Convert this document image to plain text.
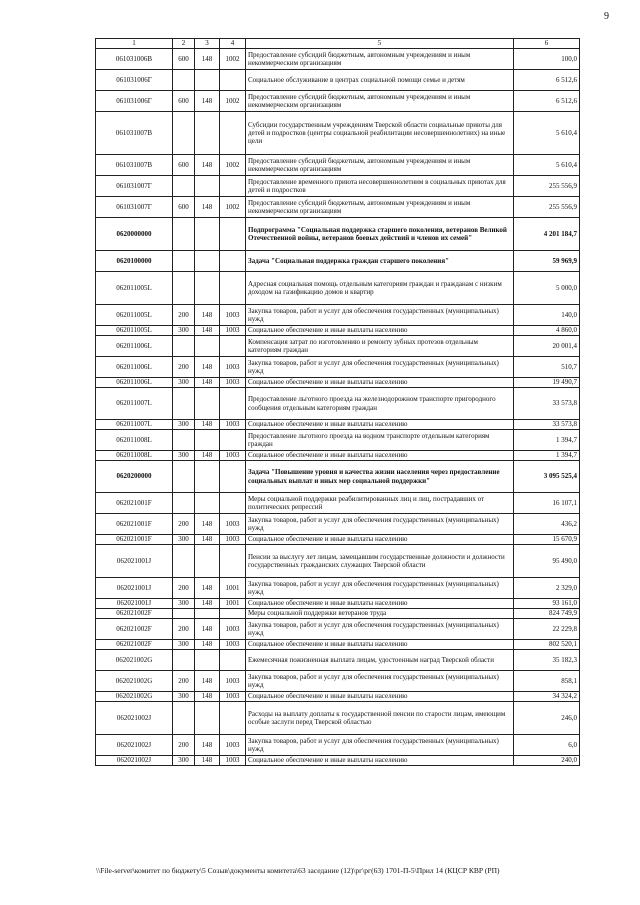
9
1	2	3	4	5	6
061031006В	600	148	1002	Предоставление субсидий бюджетным, автономным учреждениям и иным некоммерческим организациям	100,0
061031006Г				Социальное обслуживание в центрах социальной помощи семье и детям	6 512,6
061031006Г	600	148	1002	Предоставление субсидий бюджетным, автономным учреждениям и иным некоммерческим организациям	6 512,6
061031007В				Субсидии государственным учреждениям Тверской области социальные приюты для детей и подростков (центры социальной реабилитации несовершеннолетних) на иные цели	5 610,4
061031007В	600	148	1002	Предоставление субсидий бюджетным, автономным учреждениям и иным некоммерческим организациям	5 610,4
061031007Г				Предоставление временного приюта несовершеннолетним в социальных приютах для детей и подростков	255 556,9
061031007Г	600	148	1002	Предоставление субсидий бюджетным, автономным учреждениям и иным некоммерческим организациям	255 556,9
0620000000				Подпрограмма "Социальная поддержка старшего поколения, ветеранов Великой Отечественной войны, ветеранов боевых действий и членов их семей"	4 201 184,7
0620100000				Задача "Социальная поддержка граждан старшего поколения"	59 969,9
062011005L				Адресная социальная помощь отдельным категориям граждан и гражданам с низким доходом на газификацию домов и квартир	5 000,0
062011005L	200	148	1003	Закупка товаров, работ и услуг для обеспечения государственных (муниципальных) нужд	140,0
062011005L	300	148	1003	Социальное обеспечение и иные выплаты населению	4 860,0
062011006L				Компенсация затрат по изготовлению и ремонту зубных протезов отдельным категориям граждан	20 001,4
062011006L	200	148	1003	Закупка товаров, работ и услуг для обеспечения государственных (муниципальных) нужд	510,7
062011006L	300	148	1003	Социальное обеспечение и иные выплаты населению	19 490,7
062011007L				Предоставление льготного проезда на железнодорожном транспорте пригородного сообщения отдельным категориям граждан	33 573,8
062011007L	300	148	1003	Социальное обеспечение и иные выплаты населению	33 573,8
062011008L				Предоставление льготного проезда на водном транспорте отдельным категориям граждан	1 394,7
062011008L	300	148	1003	Социальное обеспечение и иные выплаты населению	1 394,7
0620200000				Задача "Повышение уровня и качества жизни населения через предоставление социальных выплат и иных мер социальной поддержки"	3 095 525,4
062021001F				Меры социальной поддержки реабилитированных лиц и лиц, пострадавших от политических репрессий	16 107,1
062021001F	200	148	1003	Закупка товаров, работ и услуг для обеспечения государственных (муниципальных) нужд	436,2
062021001F	300	148	1003	Социальное обеспечение и иные выплаты населению	15 670,9
062021001J				Пенсии за выслугу лет лицам, замещавшим государственные должности и должности государственных гражданских служащих Тверской области	95 490,0
062021001J	200	148	1001	Закупка товаров, работ и услуг для обеспечения государственных (муниципальных) нужд	2 329,0
062021001J	300	148	1001	Социальное обеспечение и иные выплаты населению	93 161,0
062021002F				Меры социальной поддержки ветеранов труда	824 749,9
062021002F	200	148	1003	Закупка товаров, работ и услуг для обеспечения государственных (муниципальных) нужд	22 229,8
062021002F	300	148	1003	Социальное обеспечение и иные выплаты населению	802 520,1
062021002G				Ежемесячная пожизненная выплата лицам, удостоенным наград Тверской области	35 182,3
062021002G	200	148	1003	Закупка товаров, работ и услуг для обеспечения государственных (муниципальных) нужд	858,1
062021002G	300	148	1003	Социальное обеспечение и иные выплаты населению	34 324,2
062021002J				Расходы на выплату доплаты к государственной пенсии по старости лицам, имеющим особые заслуги перед Тверской областью	246,0
062021002J	200	148	1003	Закупка товаров, работ и услуг для обеспечения государственных (муниципальных) нужд	6,0
062021002J	300	148	1003	Социальное обеспечение и иные выплаты населению	240,0
\\File-server\комитет по бюджету\5 Созыв\документы комитета\63 заседание (12)\рг\рг(63) 1701-П-5\Прил 14 (КЦСР КВР (РП)
